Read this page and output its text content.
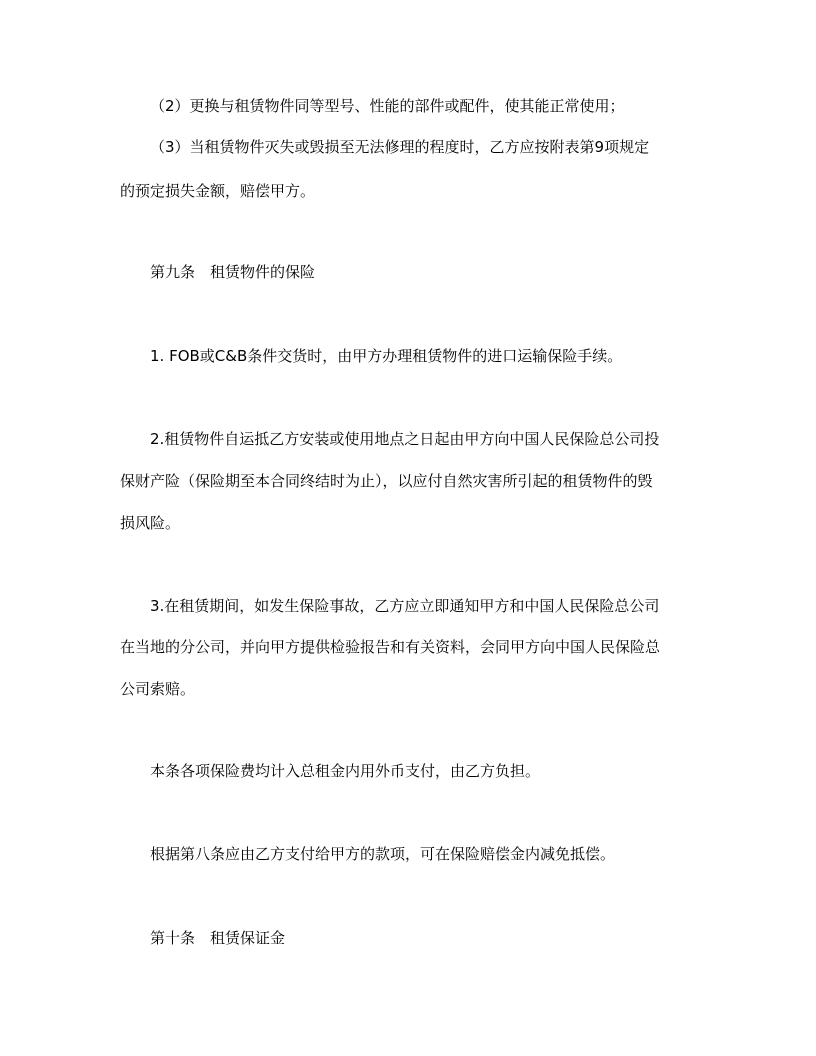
（2）更换与租赁物件同等型号、性能的部件或配件，使其能正常使用；
（3）当租赁物件灭失或毁损至无法修理的程度时，乙方应按附表第9项规定
的预定损失金额，赔偿甲方。
第九条　租赁物件的保险
1. FOB或C&B条件交货时，由甲方办理租赁物件的进口运输保险手续。
2.租赁物件自运抵乙方安装或使用地点之日起由甲方向中国人民保险总公司投
保财产险（保险期至本合同终结时为止），以应付自然灾害所引起的租赁物件的毁
损风险。
3.在租赁期间，如发生保险事故，乙方应立即通知甲方和中国人民保险总公司
在当地的分公司，并向甲方提供检验报告和有关资料，会同甲方向中国人民保险总
公司索赔。
本条各项保险费均计入总租金内用外币支付，由乙方负担。
根据第八条应由乙方支付给甲方的款项，可在保险赔偿金内减免抵偿。
第十条　租赁保证金
